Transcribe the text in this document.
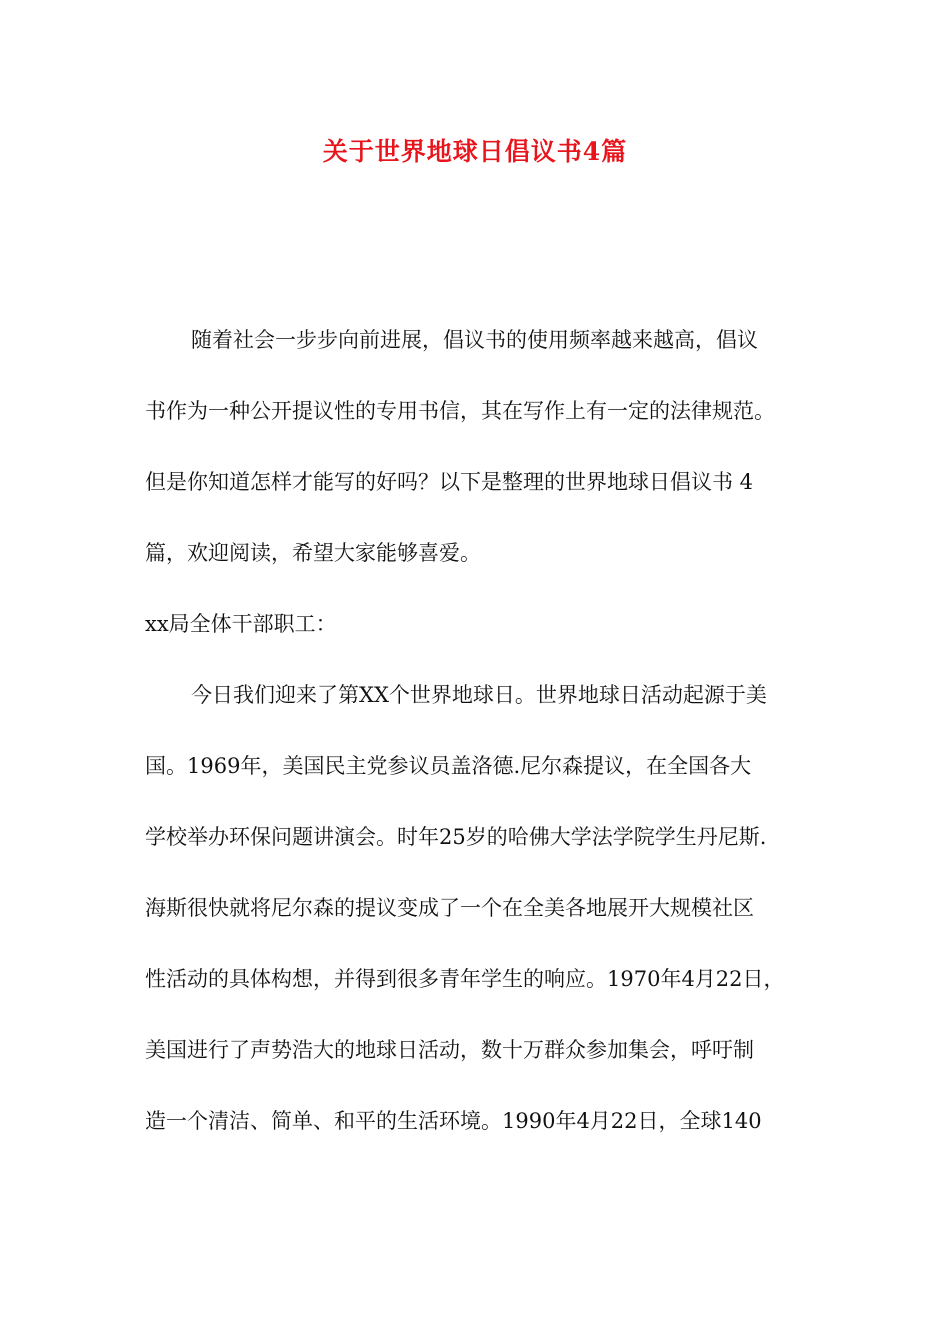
关于世界地球日倡议书4篇
随着社会一步步向前进展，倡议书的使用频率越来越高，倡议
书作为一种公开提议性的专用书信，其在写作上有一定的法律规范。
但是你知道怎样才能写的好吗？以下是整理的世界地球日倡议书 4
篇，欢迎阅读，希望大家能够喜爱。
xx局全体干部职工：
今日我们迎来了第XX个世界地球日。世界地球日活动起源于美
国。1969年，美国民主党参议员盖洛德.尼尔森提议，在全国各大
学校举办环保问题讲演会。时年25岁的哈佛大学法学院学生丹尼斯.
海斯很快就将尼尔森的提议变成了一个在全美各地展开大规模社区
性活动的具体构想，并得到很多青年学生的响应。1970年4月22日，
美国进行了声势浩大的地球日活动，数十万群众参加集会，呼吁制
造一个清洁、简单、和平的生活环境。1990年4月22日，全球140
